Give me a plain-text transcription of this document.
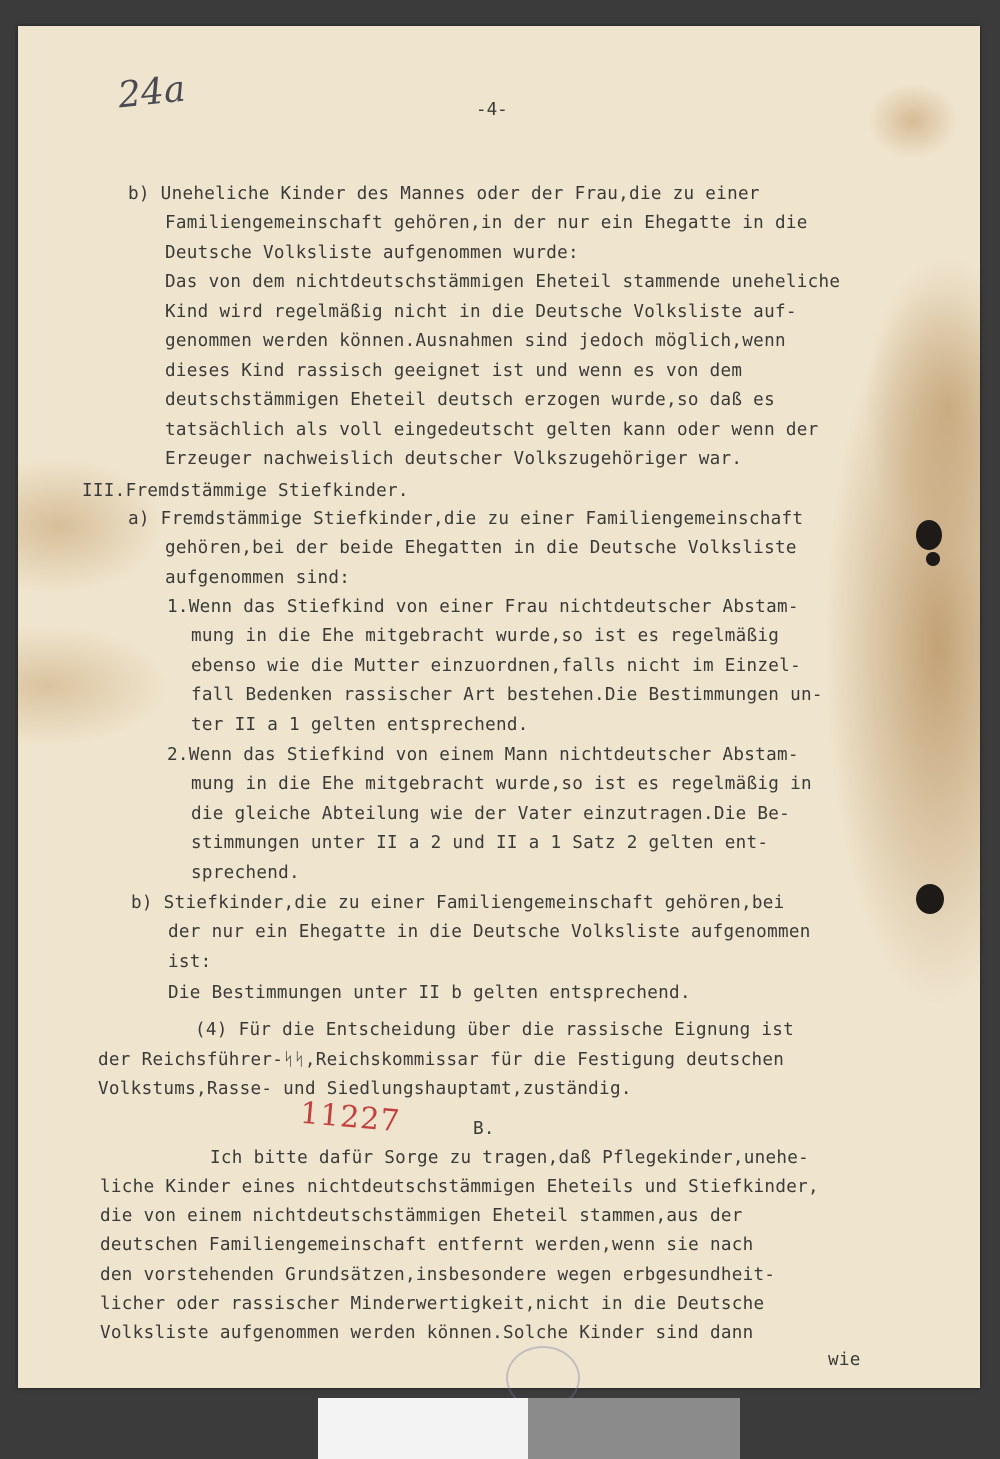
24a	-4-
11227
b) Uneheliche Kinder des Mannes oder der Frau,die zu einer
Familiengemeinschaft gehören,in der nur ein Ehegatte in die
Deutsche Volksliste aufgenommen wurde:
Das von dem nichtdeutschstämmigen Eheteil stammende uneheliche
Kind wird regelmäßig nicht in die Deutsche Volksliste auf-
genommen werden können.Ausnahmen sind jedoch möglich,wenn
dieses Kind rassisch geeignet ist und wenn es von dem
deutschstämmigen Eheteil deutsch erzogen wurde,so daß es
tatsächlich als voll eingedeutscht gelten kann oder wenn der
Erzeuger nachweislich deutscher Volkszugehöriger war.
III.Fremdstämmige Stiefkinder.
a) Fremdstämmige Stiefkinder,die zu einer Familiengemeinschaft
gehören,bei der beide Ehegatten in die Deutsche Volksliste
aufgenommen sind:
1.Wenn das Stiefkind von einer Frau nichtdeutscher Abstam-
mung in die Ehe mitgebracht wurde,so ist es regelmäßig
ebenso wie die Mutter einzuordnen,falls nicht im Einzel-
fall Bedenken rassischer Art bestehen.Die Bestimmungen un-
ter II a 1 gelten entsprechend.
2.Wenn das Stiefkind von einem Mann nichtdeutscher Abstam-
mung in die Ehe mitgebracht wurde,so ist es regelmäßig in
die gleiche Abteilung wie der Vater einzutragen.Die Be-
stimmungen unter II a 2 und II a 1 Satz 2 gelten ent-
sprechend.
b) Stiefkinder,die zu einer Familiengemeinschaft gehören,bei
der nur ein Ehegatte in die Deutsche Volksliste aufgenommen
ist:
Die Bestimmungen unter II b gelten entsprechend.
(4) Für die Entscheidung über die rassische Eignung ist
der Reichsführer-ᛋᛋ,Reichskommissar für die Festigung deutschen
Volkstums,Rasse- und Siedlungshauptamt,zuständig.
B.
Ich bitte dafür Sorge zu tragen,daß Pflegekinder,unehe-
liche Kinder eines nichtdeutschstämmigen Eheteils und Stiefkinder,
die von einem nichtdeutschstämmigen Eheteil stammen,aus der
deutschen Familiengemeinschaft entfernt werden,wenn sie nach
den vorstehenden Grundsätzen,insbesondere wegen erbgesundheit-
licher oder rassischer Minderwertigkeit,nicht in die Deutsche
Volksliste aufgenommen werden können.Solche Kinder sind dann
wie
